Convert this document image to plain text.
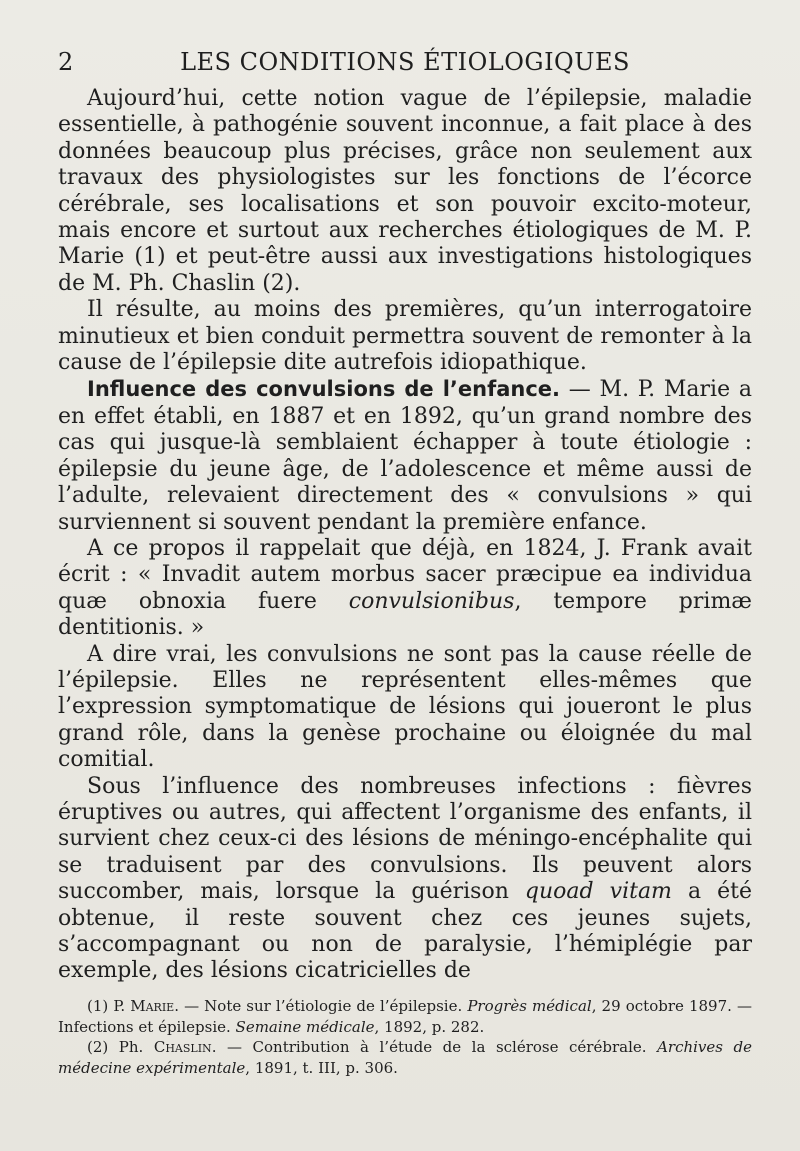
2	LES CONDITIONS ÉTIOLOGIQUES

Aujourd’hui, cette notion vague de l’épilepsie, maladie essentielle, à pathogénie souvent inconnue, a fait place à des données beaucoup plus précises, grâce non seulement aux travaux des physiologistes sur les fonctions de l’écorce cérébrale, ses localisations et son pouvoir excito-moteur, mais encore et surtout aux recherches étiologiques de M. P. Marie (1) et peut-être aussi aux investigations histologiques de M. Ph. Chaslin (2).

Il résulte, au moins des premières, qu’un interrogatoire minutieux et bien conduit permettra souvent de remonter à la cause de l’épilepsie dite autrefois idiopathique.

Influence des convulsions de l’enfance. — M. P. Marie a en effet établi, en 1887 et en 1892, qu’un grand nombre des cas qui jusque-là semblaient échapper à toute étiologie : épilepsie du jeune âge, de l’adolescence et même aussi de l’adulte, relevaient directement des « convulsions » qui surviennent si souvent pendant la première enfance.

A ce propos il rappelait que déjà, en 1824, J. Frank avait écrit : « Invadit autem morbus sacer præcipue ea individua quæ obnoxia fuere convulsionibus, tempore primæ dentitionis. »

A dire vrai, les convulsions ne sont pas la cause réelle de l’épilepsie. Elles ne représentent elles-mêmes que l’expression symptomatique de lésions qui joueront le plus grand rôle, dans la genèse prochaine ou éloignée du mal comitial.

Sous l’influence des nombreuses infections : fièvres éruptives ou autres, qui affectent l’organisme des enfants, il survient chez ceux-ci des lésions de méningo-encéphalite qui se traduisent par des convulsions. Ils peuvent alors succomber, mais, lorsque la guérison quoad vitam a été obtenue, il reste souvent chez ces jeunes sujets, s’accompagnant ou non de paralysie, l’hémiplégie par exemple, des lésions cicatricielles de

(1) P. Marie. — Note sur l’étiologie de l’épilepsie. Progrès médical, 29 octobre 1897. — Infections et épilepsie. Semaine médicale, 1892, p. 282.

(2) Ph. Chaslin. — Contribution à l’étude de la sclérose cérébrale. Archives de médecine expérimentale, 1891, t. III, p. 306.
